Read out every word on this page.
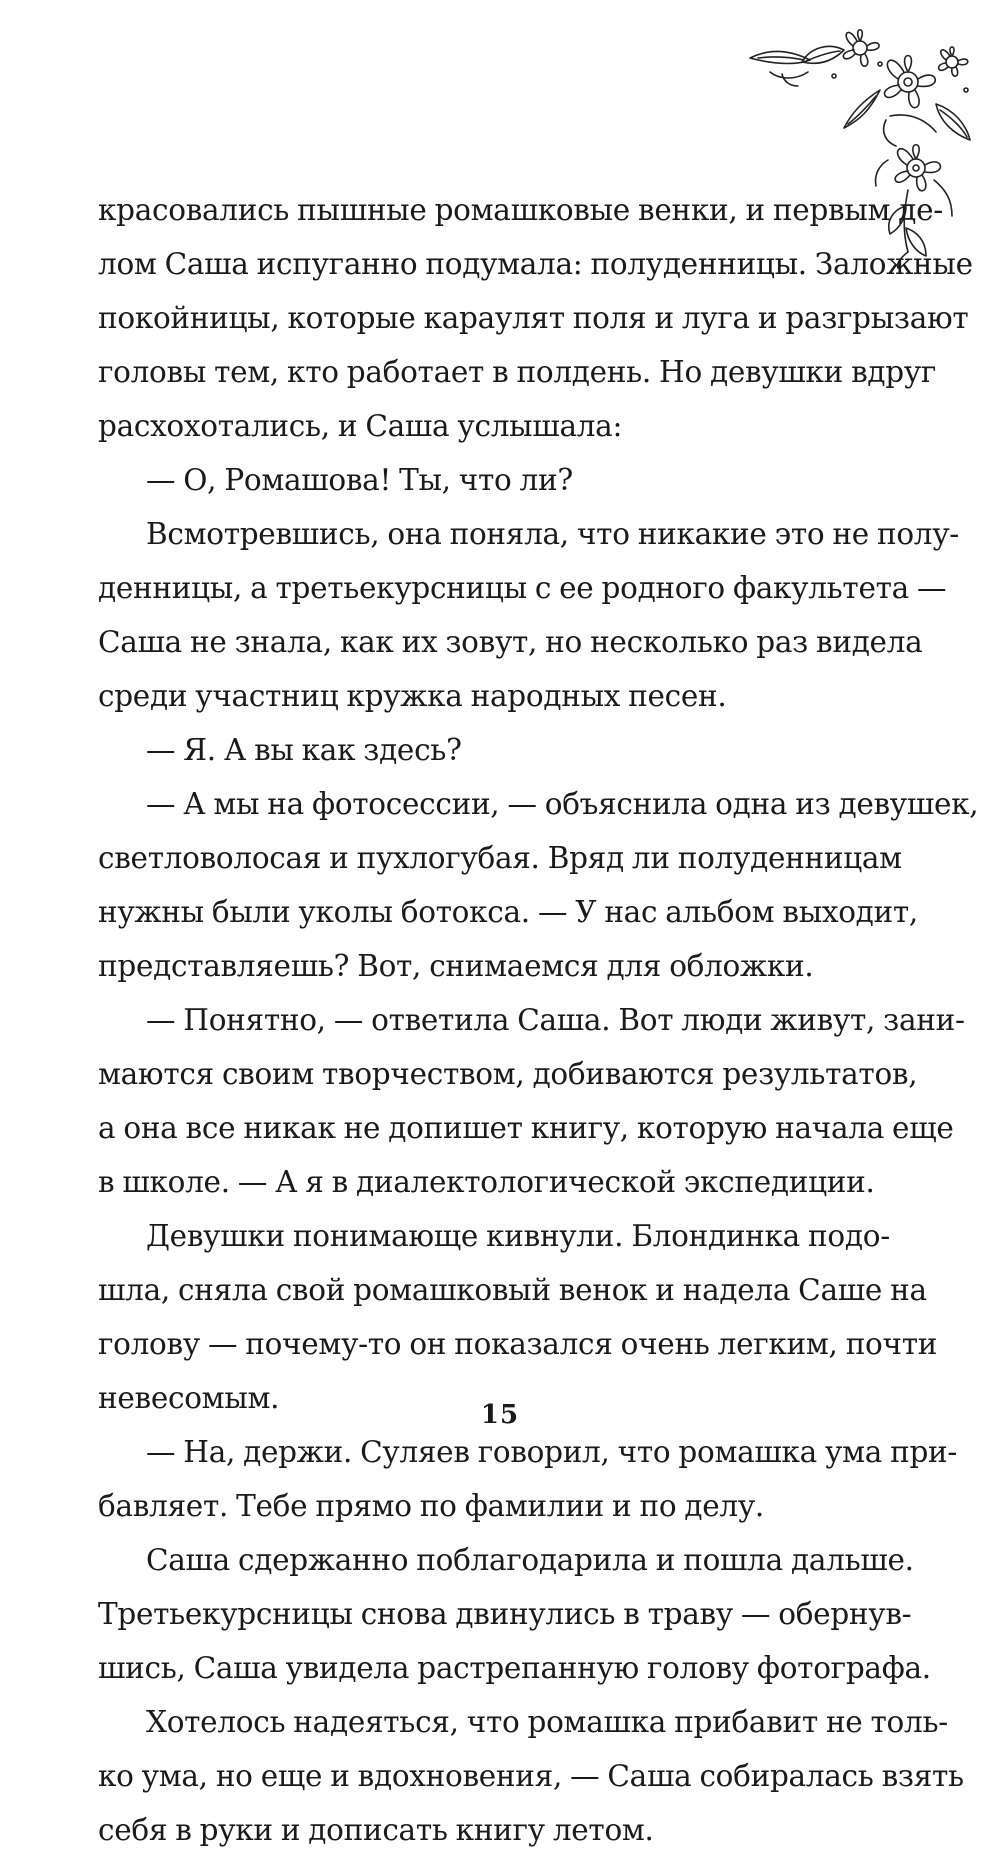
красовались пышные ромашковые венки, и первым де-
лом Саша испуганно подумала: полуденницы. Заложные
покойницы, которые караулят поля и луга и разгрызают
головы тем, кто работает в полдень. Но девушки вдруг
расхохотались, и Саша услышала:
— О, Ромашова! Ты, что ли?
Всмотревшись, она поняла, что никакие это не полу-
денницы, а третьекурсницы с ее родного факультета —
Саша не знала, как их зовут, но несколько раз видела
среди участниц кружка народных песен.
— Я. А вы как здесь?
— А мы на фотосессии, — объяснила одна из девушек,
светловолосая и пухлогубая. Вряд ли полуденницам
нужны были уколы ботокса. — У нас альбом выходит,
представляешь? Вот, снимаемся для обложки.
— Понятно, — ответила Саша. Вот люди живут, зани-
маются своим творчеством, добиваются результатов,
а она все никак не допишет книгу, которую начала еще
в школе. — А я в диалектологической экспедиции.
Девушки понимающе кивнули. Блондинка подо-
шла, сняла свой ромашковый венок и надела Саше на
голову — почему-то он показался очень легким, почти
невесомым.
— На, держи. Суляев говорил, что ромашка ума при-
бавляет. Тебе прямо по фамилии и по делу.
Саша сдержанно поблагодарила и пошла дальше.
Третьекурсницы снова двинулись в траву — обернув-
шись, Саша увидела растрепанную голову фотографа.
Хотелось надеяться, что ромашка прибавит не толь-
ко ума, но еще и вдохновения, — Саша собиралась взять
себя в руки и дописать книгу летом.
15
